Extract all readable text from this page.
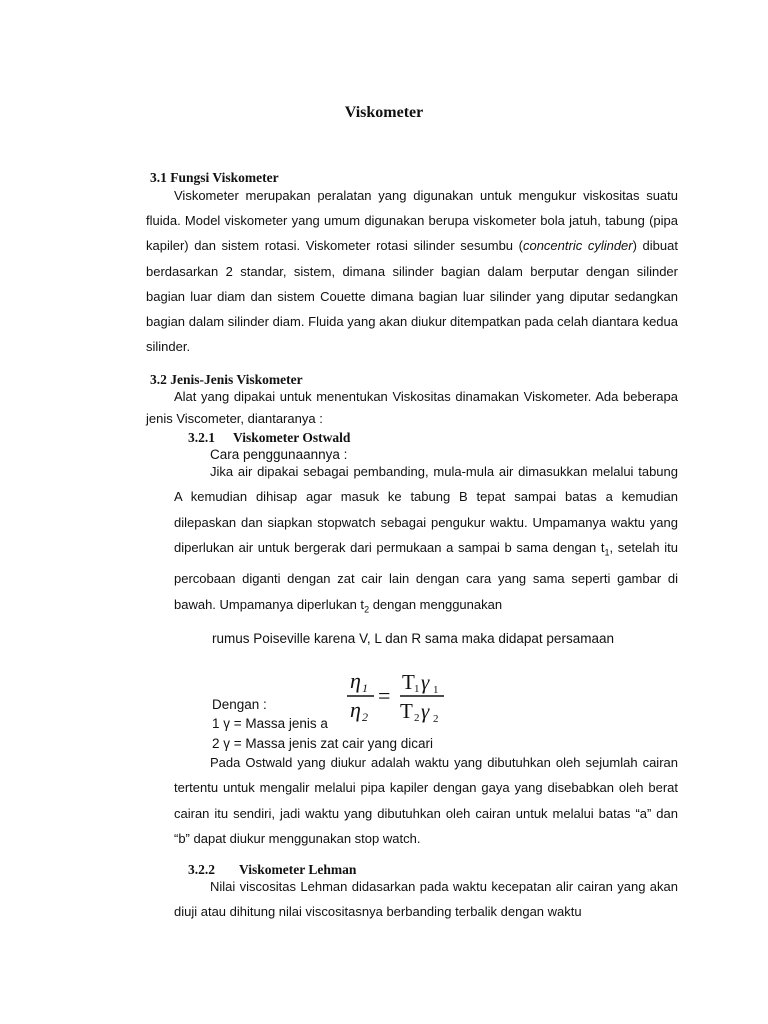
Viskometer
3.1 Fungsi Viskometer
Viskometer merupakan peralatan yang digunakan untuk mengukur viskositas suatu fluida. Model viskometer yang umum digunakan berupa viskometer bola jatuh, tabung (pipa kapiler) dan sistem rotasi. Viskometer rotasi silinder sesumbu (concentric cylinder) dibuat berdasarkan 2 standar, sistem, dimana silinder bagian dalam berputar dengan silinder bagian luar diam dan sistem Couette dimana bagian luar silinder yang diputar sedangkan bagian dalam silinder diam. Fluida yang akan diukur ditempatkan pada celah diantara kedua silinder.
3.2 Jenis-Jenis Viskometer
Alat yang dipakai untuk menentukan Viskositas dinamakan Viskometer. Ada beberapa jenis Viscometer, diantaranya :
3.2.1 Viskometer Ostwald
Cara penggunaannya :
Jika air dipakai sebagai pembanding, mula-mula air dimasukkan melalui tabung A kemudian dihisap agar masuk ke tabung B tepat sampai batas a kemudian dilepaskan dan siapkan stopwatch sebagai pengukur waktu. Umpamanya waktu yang diperlukan air untuk bergerak dari permukaan a sampai b sama dengan $t_1$, setelah itu percobaan diganti dengan zat cair lain dengan cara yang sama seperti gambar di bawah. Umpamanya diperlukan $t_2$ dengan menggunakan
rumus Poiseville karena V, L dan R sama maka didapat persamaan
η 1
η 2
=
T 1 γ 1
T 2 γ 2
Dengan :
1 γ = Massa jenis a
2 γ = Massa jenis zat cair yang dicari
Pada Ostwald yang diukur adalah waktu yang dibutuhkan oleh sejumlah cairan tertentu untuk mengalir melalui pipa kapiler dengan gaya yang disebabkan oleh berat cairan itu sendiri, jadi waktu yang dibutuhkan oleh cairan untuk melalui batas “a” dan “b” dapat diukur menggunakan stop watch.
3.2.2 Viskometer Lehman
Nilai viscositas Lehman didasarkan pada waktu kecepatan alir cairan yang akan diuji atau dihitung nilai viscositasnya berbanding terbalik dengan waktu
